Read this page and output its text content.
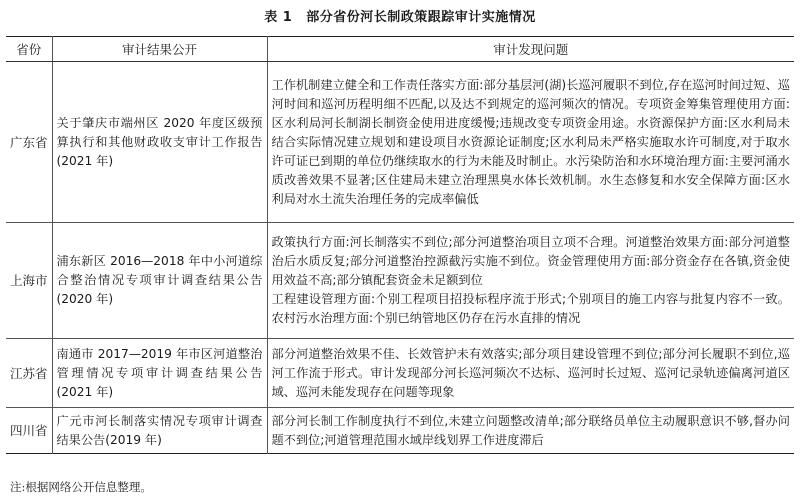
表 1 部分省份河长制政策跟踪审计实施情况
省份	审计结果公开	审计发现问题
广东省	关于肇庆市端州区 2020 年度区级预算执行和其他财政收支审计工作报告(2021 年)	工作机制建立健全和工作责任落实方面:部分基层河(湖)长巡河履职不到位,存在巡河时间过短、巡河时间和巡河历程明细不匹配,以及达不到规定的巡河频次的情况。专项资金筹集管理使用方面:区水利局河长制湖长制资金使用进度缓慢;违规改变专项资金用途。水资源保护方面:区水利局未结合实际情况建立规划和建设项目水资源论证制度;区水利局未严格实施取水许可制度,对于取水许可证已到期的单位仍继续取水的行为未能及时制止。水污染防治和水环境治理方面:主要河涌水质改善效果不显著;区住建局未建立治理黑臭水体长效机制。水生态修复和水安全保障方面:区水利局对水土流失治理任务的完成率偏低

上海市	浦东新区 2016—2018 年中小河道综合整治情况专项审计调查结果公告(2020 年)	政策执行方面:河长制落实不到位;部分河道整治项目立项不合理。河道整治效果方面:部分河道整治后水质反复;部分河道整治控源截污实施不到位。资金管理使用方面:部分资金存在各镇,资金使用效益不高;部分镇配套资金未足额到位
工程建设管理方面:个别工程项目招投标程序流于形式;个别项目的施工内容与批复内容不一致。农村污水治理方面:个别已纳管地区仍存在污水直排的情况

江苏省	南通市 2017—2019 年市区河道整治管理情况专项审计调查结果公告(2021 年)	部分河道整治效果不佳、长效管护未有效落实;部分项目建设管理不到位;部分河长履职不到位,巡河工作流于形式。审计发现部分河长巡河频次不达标、巡河时长过短、巡河记录轨迹偏离河道区域、巡河未能发现存在问题等现象

四川省	广元市河长制落实情况专项审计调查结果公告(2019 年)	部分河长制工作制度执行不到位,未建立问题整改清单;部分联络员单位主动履职意识不够,督办问题不到位;河道管理范围水域岸线划界工作进度滞后
注:根据网络公开信息整理。
